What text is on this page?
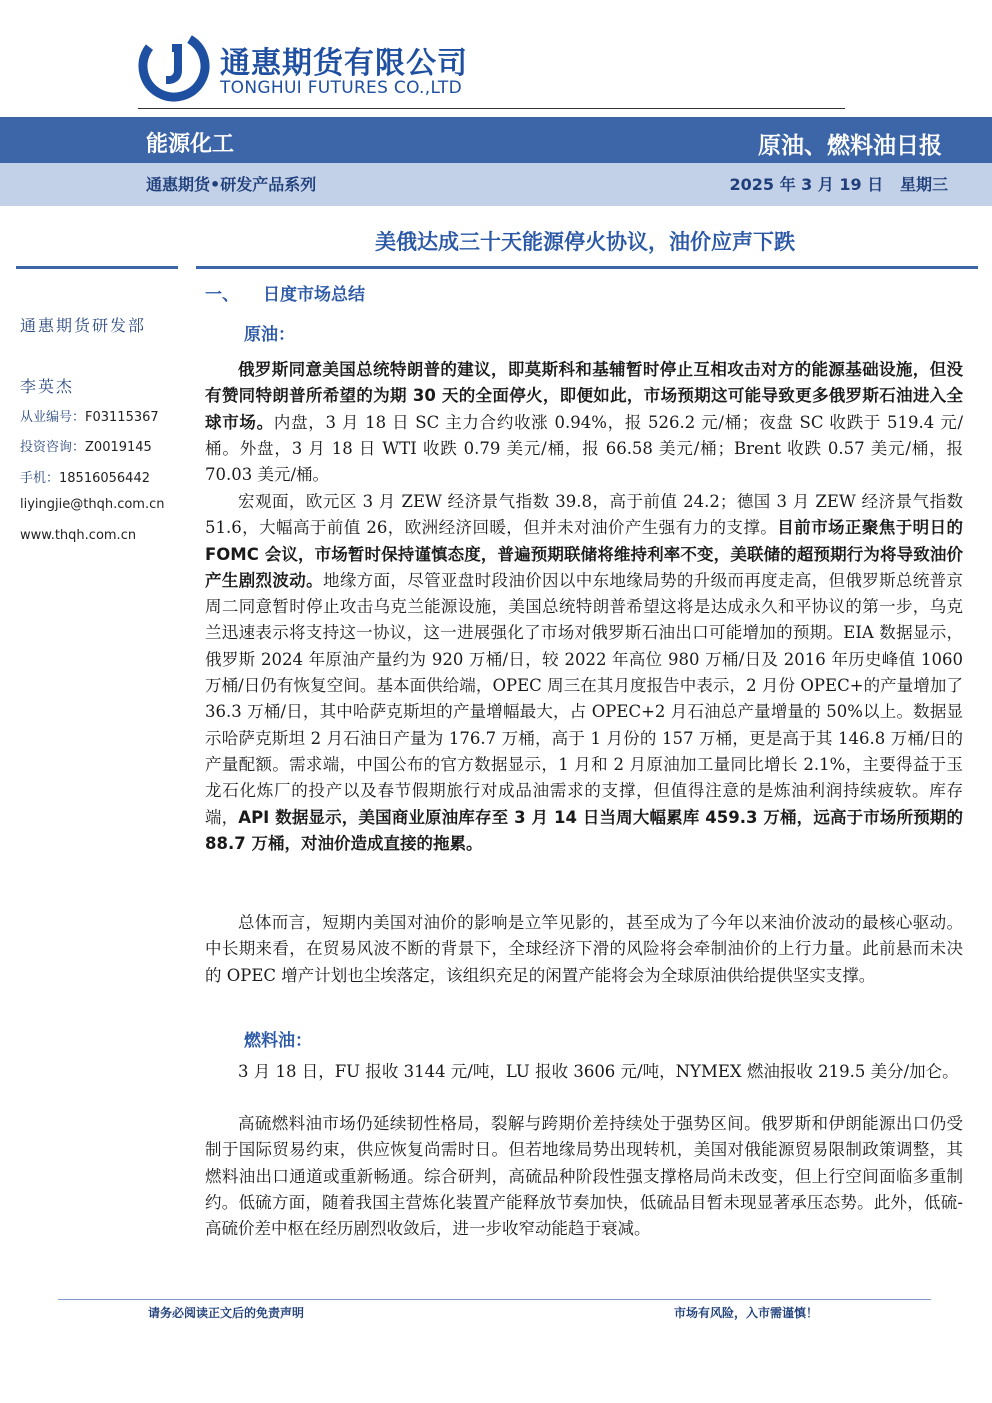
通惠期货有限公司
TONGHUI FUTURES CO.,LTD
能源化工	原油、燃料油日报
通惠期货•研发产品系列	2025 年 3 月 19 日 星期三
美俄达成三十天能源停火协议，油价应声下跌
通惠期货研发部
李英杰
从业编号：F03115367
投资咨询：Z0019145
手机：18516056442
liyingjie@thqh.com.cn
www.thqh.com.cn
一、 日度市场总结
原油：
俄罗斯同意美国总统特朗普的建议，即莫斯科和基辅暂时停止互相攻击对方的能源基础设施，但没有赞同特朗普所希望的为期 30 天的全面停火，即便如此，市场预期这可能导致更多俄罗斯石油进入全球市场。内盘，3 月 18 日 SC 主力合约收涨 0.94%，报 526.2 元/桶；夜盘 SC 收跌于 519.4 元/桶。外盘，3 月 18 日 WTI 收跌 0.79 美元/桶，报 66.58 美元/桶；Brent 收跌 0.57 美元/桶，报 70.03 美元/桶。
宏观面，欧元区 3 月 ZEW 经济景气指数 39.8，高于前值 24.2；德国 3 月 ZEW 经济景气指数 51.6，大幅高于前值 26，欧洲经济回暖，但并未对油价产生强有力的支撑。目前市场正聚焦于明日的 FOMC 会议，市场暂时保持谨慎态度，普遍预期联储将维持利率不变，美联储的超预期行为将导致油价产生剧烈波动。地缘方面，尽管亚盘时段油价因以中东地缘局势的升级而再度走高，但俄罗斯总统普京周二同意暂时停止攻击乌克兰能源设施，美国总统特朗普希望这将是达成永久和平协议的第一步，乌克兰迅速表示将支持这一协议，这一进展强化了市场对俄罗斯石油出口可能增加的预期。EIA 数据显示，俄罗斯 2024 年原油产量约为 920 万桶/日，较 2022 年高位 980 万桶/日及 2016 年历史峰值 1060 万桶/日仍有恢复空间。基本面供给端，OPEC 周三在其月度报告中表示，2 月份 OPEC+的产量增加了 36.3 万桶/日，其中哈萨克斯坦的产量增幅最大，占 OPEC+2 月石油总产量增量的 50%以上。数据显示哈萨克斯坦 2 月石油日产量为 176.7 万桶，高于 1 月份的 157 万桶，更是高于其 146.8 万桶/日的产量配额。需求端，中国公布的官方数据显示，1 月和 2 月原油加工量同比增长 2.1%，主要得益于玉龙石化炼厂的投产以及春节假期旅行对成品油需求的支撑，但值得注意的是炼油利润持续疲软。库存端，API 数据显示，美国商业原油库存至 3 月 14 日当周大幅累库 459.3 万桶，远高于市场所预期的 88.7 万桶，对油价造成直接的拖累。
总体而言，短期内美国对油价的影响是立竿见影的，甚至成为了今年以来油价波动的最核心驱动。中长期来看，在贸易风波不断的背景下，全球经济下滑的风险将会牵制油价的上行力量。此前悬而未决的 OPEC 增产计划也尘埃落定，该组织充足的闲置产能将会为全球原油供给提供坚实支撑。
燃料油：
3 月 18 日，FU 报收 3144 元/吨，LU 报收 3606 元/吨，NYMEX 燃油报收 219.5 美分/加仑。
高硫燃料油市场仍延续韧性格局，裂解与跨期价差持续处于强势区间。俄罗斯和伊朗能源出口仍受制于国际贸易约束，供应恢复尚需时日。但若地缘局势出现转机，美国对俄能源贸易限制政策调整，其燃料油出口通道或重新畅通。综合研判，高硫品种阶段性强支撑格局尚未改变，但上行空间面临多重制约。低硫方面，随着我国主营炼化装置产能释放节奏加快，低硫品目暂未现显著承压态势。此外，低硫-高硫价差中枢在经历剧烈收敛后，进一步收窄动能趋于衰减。
请务必阅读正文后的免责声明	市场有风险，入市需谨慎！
